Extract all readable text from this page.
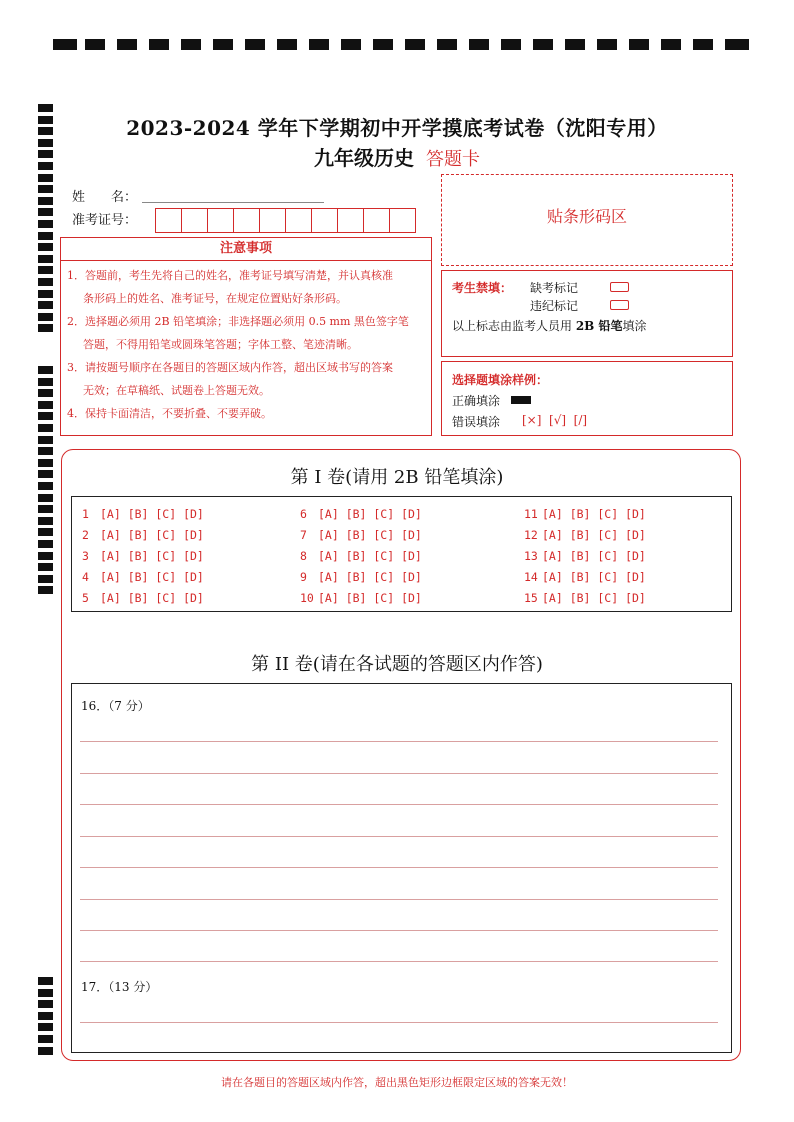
2023-2024 学年下学期初中开学摸底考试卷（沈阳专用）
九年级历史 答题卡
姓　　名：
准考证号：
注意事项
1．答题前，考生先将自己的姓名，准考证号填写清楚，并认真核准
条形码上的姓名、准考证号，在规定位置贴好条形码。
2．选择题必须用 2B 铅笔填涂；非选择题必须用 0.5 mm 黑色签字笔
答题，不得用铅笔或圆珠笔答题；字体工整、笔迹清晰。
3．请按题号顺序在各题目的答题区域内作答，超出区域书写的答案
无效；在草稿纸、试题卷上答题无效。
4．保持卡面清洁，不要折叠、不要弄破。
贴条形码区
考生禁填： 缺考标记
违纪标记
以上标志由监考人员用 2B 铅笔填涂
选择题填涂样例：
正确填涂
错误填涂 [×]  [√]  [/]
第 I 卷(请用 2B 铅笔填涂)
1 [A] [B] [C] [D]
2 [A] [B] [C] [D]
3 [A] [B] [C] [D]
4 [A] [B] [C] [D]
5 [A] [B] [C] [D]
6 [A] [B] [C] [D]
7 [A] [B] [C] [D]
8 [A] [B] [C] [D]
9 [A] [B] [C] [D]
10 [A] [B] [C] [D]
11 [A] [B] [C] [D]
12 [A] [B] [C] [D]
13 [A] [B] [C] [D]
14 [A] [B] [C] [D]
15 [A] [B] [C] [D]
第 II 卷(请在各试题的答题区内作答)
16．（7 分）
17．（13 分）
请在各题目的答题区域内作答，超出黑色矩形边框限定区域的答案无效！
